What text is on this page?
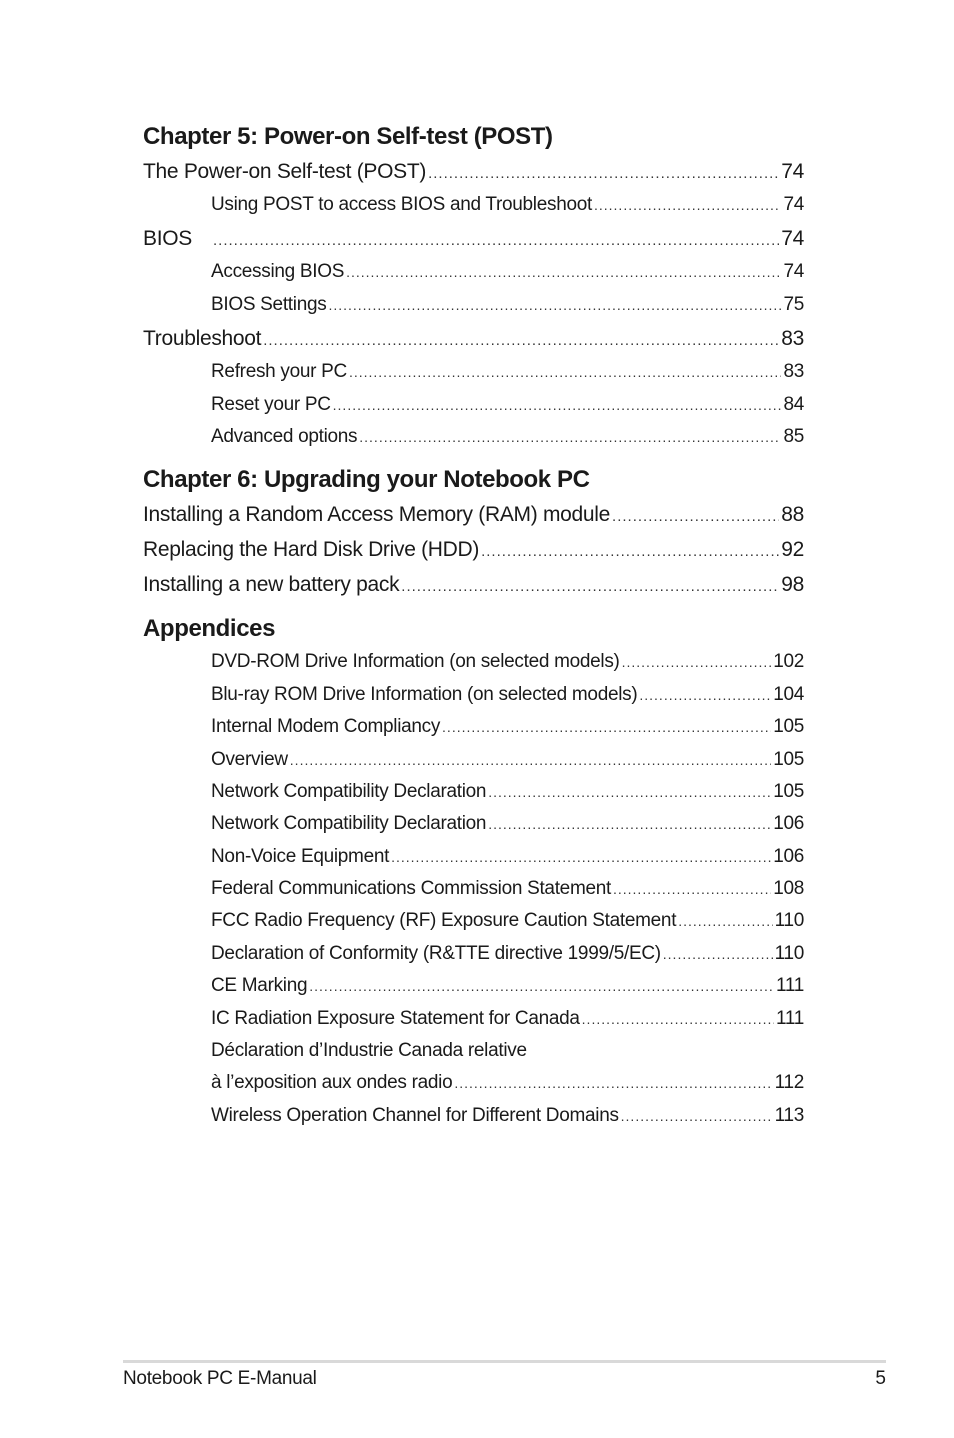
Chapter 5: Power-on Self-test (POST)
The Power-on Self-test (POST) .....	74
Using POST to access BIOS and Troubleshoot .....	74
BIOS .....	74
Accessing BIOS .....	74
BIOS Settings .....	75
Troubleshoot .....	83
Refresh your PC .....	83
Reset your PC .....	84
Advanced options .....	85
Chapter 6: Upgrading your Notebook PC
Installing a Random Access Memory (RAM) module .....	88
Replacing the Hard Disk Drive (HDD) .....	92
Installing a new battery pack .....	98
Appendices
DVD-ROM Drive Information (on selected models) .....	102
Blu-ray ROM Drive Information (on selected models) .....	104
Internal Modem Compliancy .....	105
Overview .....	105
Network Compatibility Declaration .....	105
Network Compatibility Declaration .....	106
Non-Voice Equipment .....	106
Federal Communications Commission Statement .....	108
FCC Radio Frequency (RF) Exposure Caution Statement .....	110
Declaration of Conformity (R&TTE directive 1999/5/EC) .....	110
CE Marking .....	111
IC Radiation Exposure Statement for Canada .....	111
Déclaration d’Industrie Canada relative
à l’exposition aux ondes radio .....	112
Wireless Operation Channel for Different Domains .....	113
Notebook PC E-Manual	5
